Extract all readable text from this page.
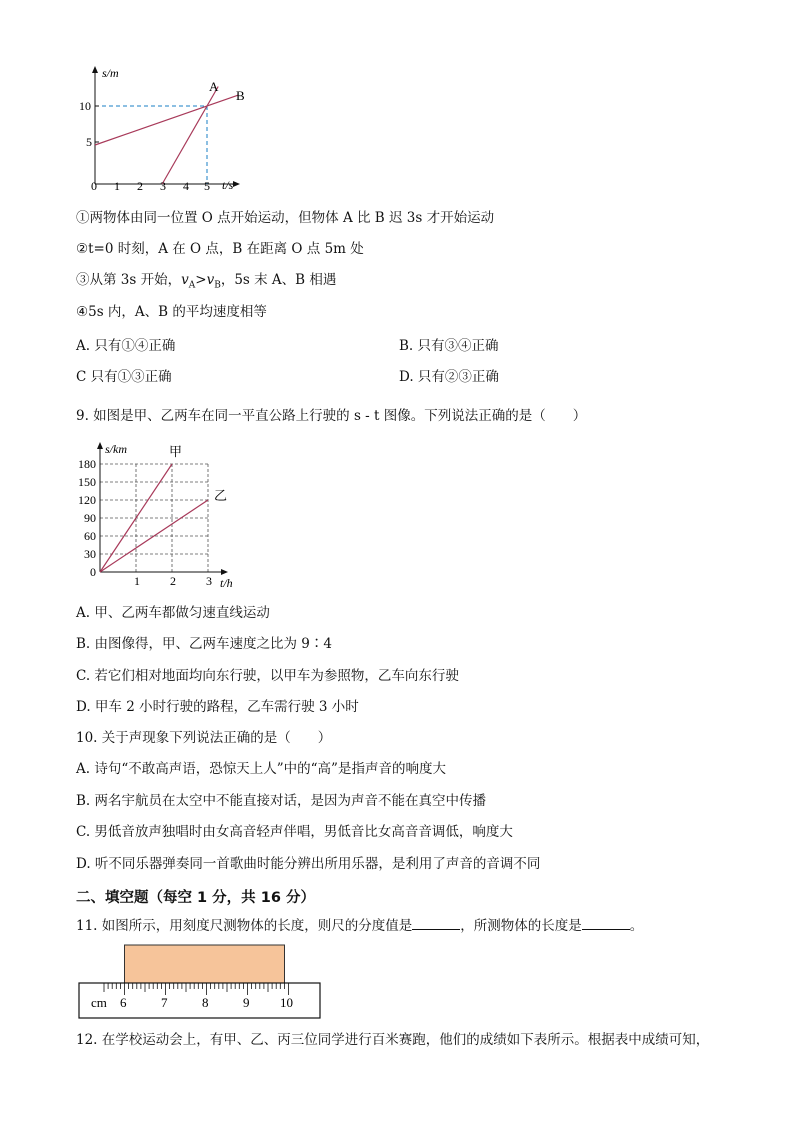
s/m
t/s
A
B
10
5
0 1 2 3 4 5
①两物体由同一位置 O 点开始运动，但物体 A 比 B 迟 3s 才开始运动
②t=0 时刻，A 在 O 点，B 在距离 O 点 5m 处
③从第 3s 开始，$v_A>v_B$，5s 末 A、B 相遇
④5s 内，A、B 的平均速度相等
A. 只有①④正确	B. 只有③④正确
C 只有①③正确	D. 只有②③正确
9. 如图是甲、乙两车在同一平直公路上行驶的 s - t 图像。下列说法正确的是（　　）
s/km
t/h
甲
乙
180
150
120
90
60
30
0
1	2	3
A. 甲、乙两车都做匀速直线运动
B. 由图像得，甲、乙两车速度之比为 9∶4
C. 若它们相对地面均向东行驶，以甲车为参照物，乙车向东行驶
D. 甲车 2 小时行驶的路程，乙车需行驶 3 小时
10. 关于声现象下列说法正确的是（　　）
A. 诗句“不敢高声语，恐惊天上人”中的“高”是指声音的响度大
B. 两名宇航员在太空中不能直接对话，是因为声音不能在真空中传播
C. 男低音放声独唱时由女高音轻声伴唱，男低音比女高音音调低，响度大
D. 听不同乐器弹奏同一首歌曲时能分辨出所用乐器，是利用了声音的音调不同
二、填空题（每空 1 分，共 16 分）
11. 如图所示，用刻度尺测物体的长度，则尺的分度值是	，所测物体的长度是	。
cm 6	7	8	9 10
12. 在学校运动会上，有甲、乙、丙三位同学进行百米赛跑，他们的成绩如下表所示。根据表中成绩可知，
